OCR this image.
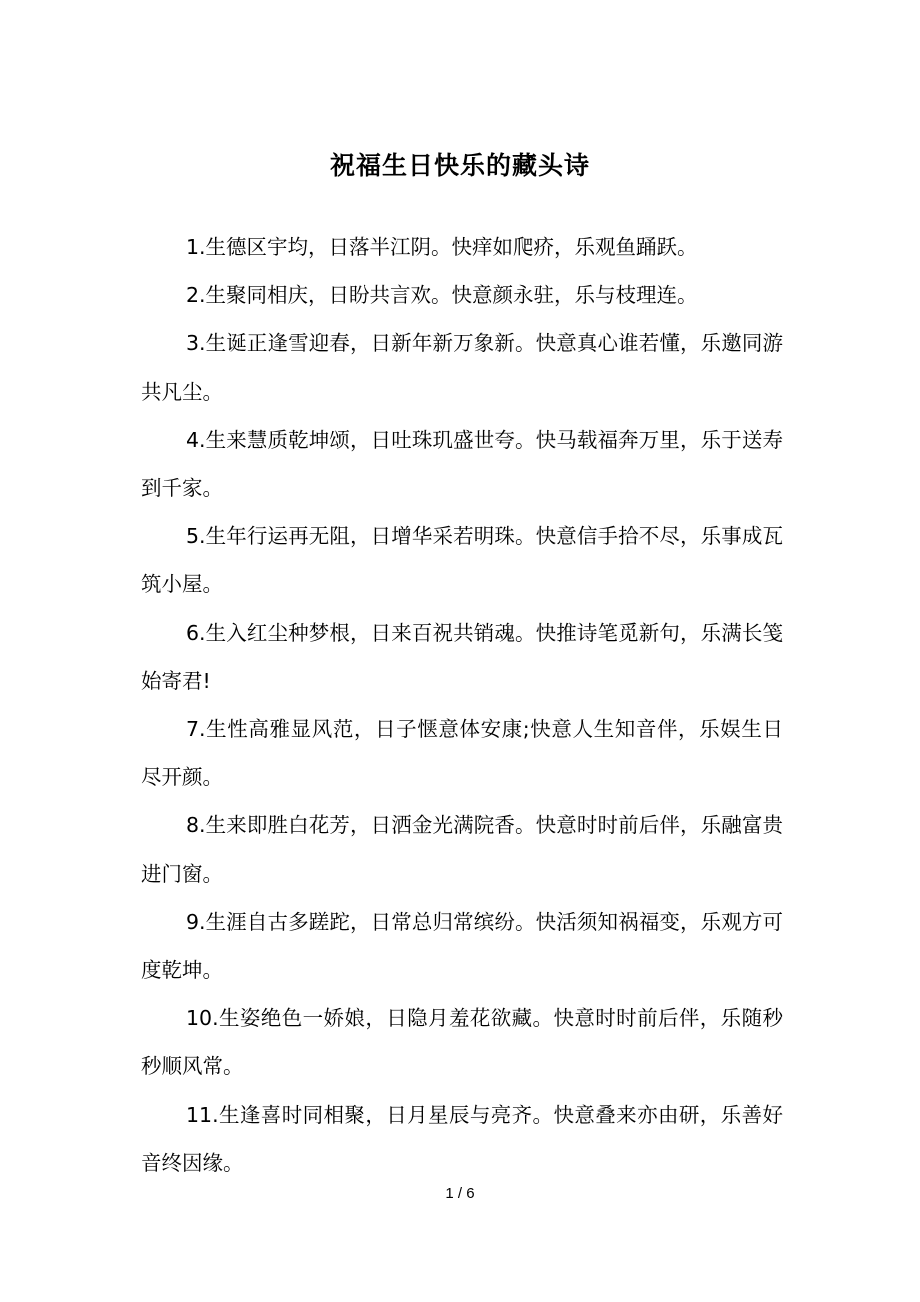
祝福生日快乐的藏头诗

1.生德区宇均，日落半江阴。快痒如爬疥，乐观鱼踊跃。

2.生聚同相庆，日盼共言欢。快意颜永驻，乐与枝理连。

3.生诞正逢雪迎春，日新年新万象新。快意真心谁若懂，乐邀同游共凡尘。

4.生来慧质乾坤颂，日吐珠玑盛世夸。快马载福奔万里，乐于送寿到千家。

5.生年行运再无阻，日增华采若明珠。快意信手拾不尽，乐事成瓦筑小屋。

6.生入红尘种梦根，日来百祝共销魂。快推诗笔觅新句，乐满长笺始寄君!

7.生性高雅显风范，日子惬意体安康;快意人生知音伴，乐娱生日尽开颜。

8.生来即胜白花芳，日洒金光满院香。快意时时前后伴，乐融富贵进门窗。

9.生涯自古多蹉跎，日常总归常缤纷。快活须知祸福变，乐观方可度乾坤。

10.生姿绝色一娇娘，日隐月羞花欲藏。快意时时前后伴，乐随秒秒顺风常。

11.生逢喜时同相聚，日月星辰与亮齐。快意叠来亦由研，乐善好音终因缘。

1 / 6
